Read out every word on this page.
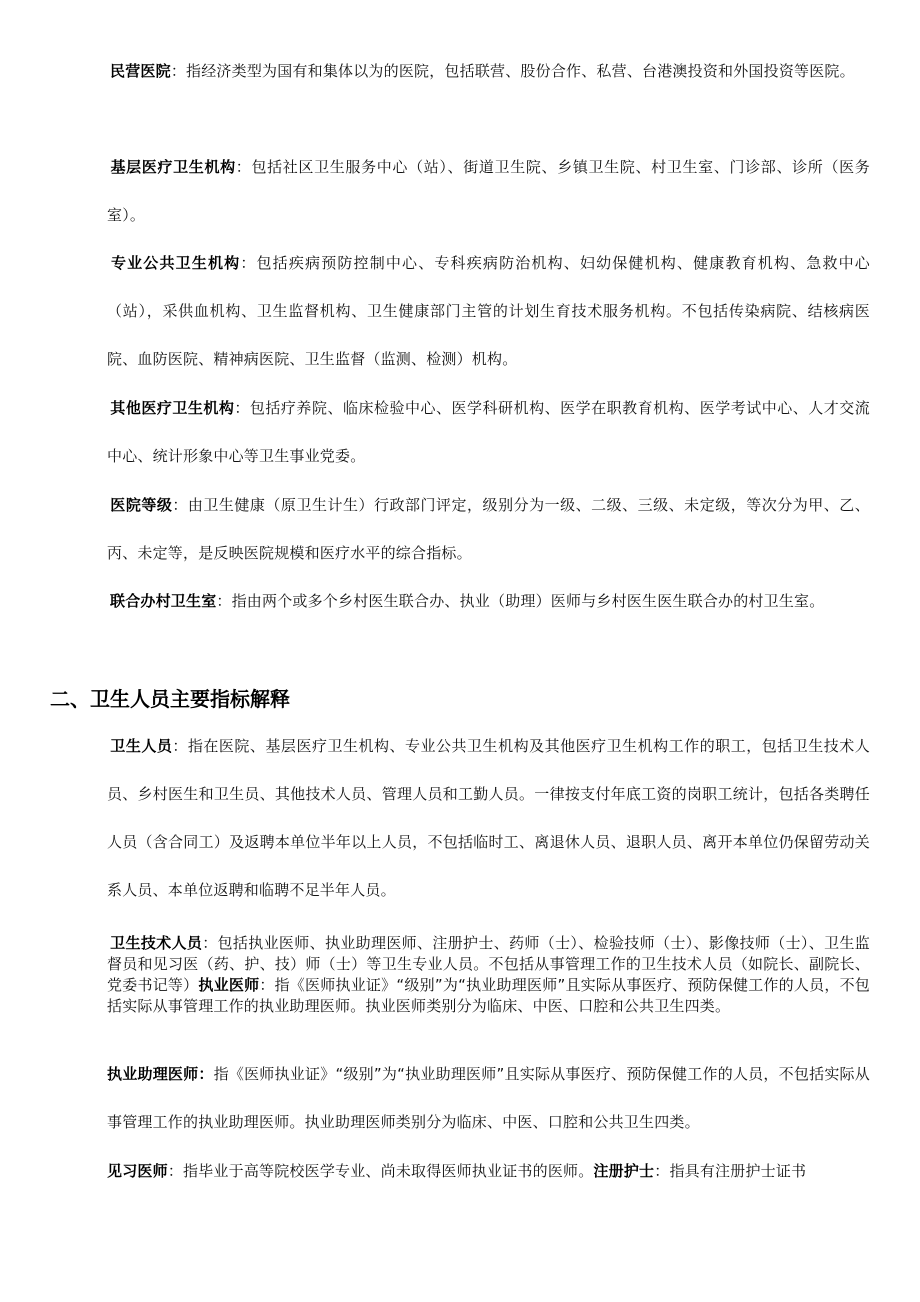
民营医院：指经济类型为国有和集体以为的医院，包括联营、股份合作、私营、台港澳投资和外国投资等医院。

基层医疗卫生机构：包括社区卫生服务中心（站）、街道卫生院、乡镇卫生院、村卫生室、门诊部、诊所（医务室）。

专业公共卫生机构：包括疾病预防控制中心、专科疾病防治机构、妇幼保健机构、健康教育机构、急救中心（站），采供血机构、卫生监督机构、卫生健康部门主管的计划生育技术服务机构。不包括传染病院、结核病医院、血防医院、精神病医院、卫生监督（监测、检测）机构。

其他医疗卫生机构：包括疗养院、临床检验中心、医学科研机构、医学在职教育机构、医学考试中心、人才交流中心、统计形象中心等卫生事业党委。

医院等级：由卫生健康（原卫生计生）行政部门评定，级别分为一级、二级、三级、未定级，等次分为甲、乙、丙、未定等，是反映医院规模和医疗水平的综合指标。

联合办村卫生室：指由两个或多个乡村医生联合办、执业（助理）医师与乡村医生医生联合办的村卫生室。

二、卫生人员主要指标解释

卫生人员：指在医院、基层医疗卫生机构、专业公共卫生机构及其他医疗卫生机构工作的职工，包括卫生技术人员、乡村医生和卫生员、其他技术人员、管理人员和工勤人员。一律按支付年底工资的岗职工统计，包括各类聘任人员（含合同工）及返聘本单位半年以上人员，不包括临时工、离退休人员、退职人员、离开本单位仍保留劳动关系人员、本单位返聘和临聘不足半年人员。

卫生技术人员：包括执业医师、执业助理医师、注册护士、药师（士）、检验技师（士）、影像技师（士）、卫生监督员和见习医（药、护、技）师（士）等卫生专业人员。不包括从事管理工作的卫生技术人员（如院长、副院长、党委书记等）执业医师：指《医师执业证》“级别”为“执业助理医师”且实际从事医疗、预防保健工作的人员，不包括实际从事管理工作的执业助理医师。执业医师类别分为临床、中医、口腔和公共卫生四类。

执业助理医师：指《医师执业证》“级别”为“执业助理医师”且实际从事医疗、预防保健工作的人员，不包括实际从事管理工作的执业助理医师。执业助理医师类别分为临床、中医、口腔和公共卫生四类。

见习医师：指毕业于高等院校医学专业、尚未取得医师执业证书的医师。注册护士：指具有注册护士证书
